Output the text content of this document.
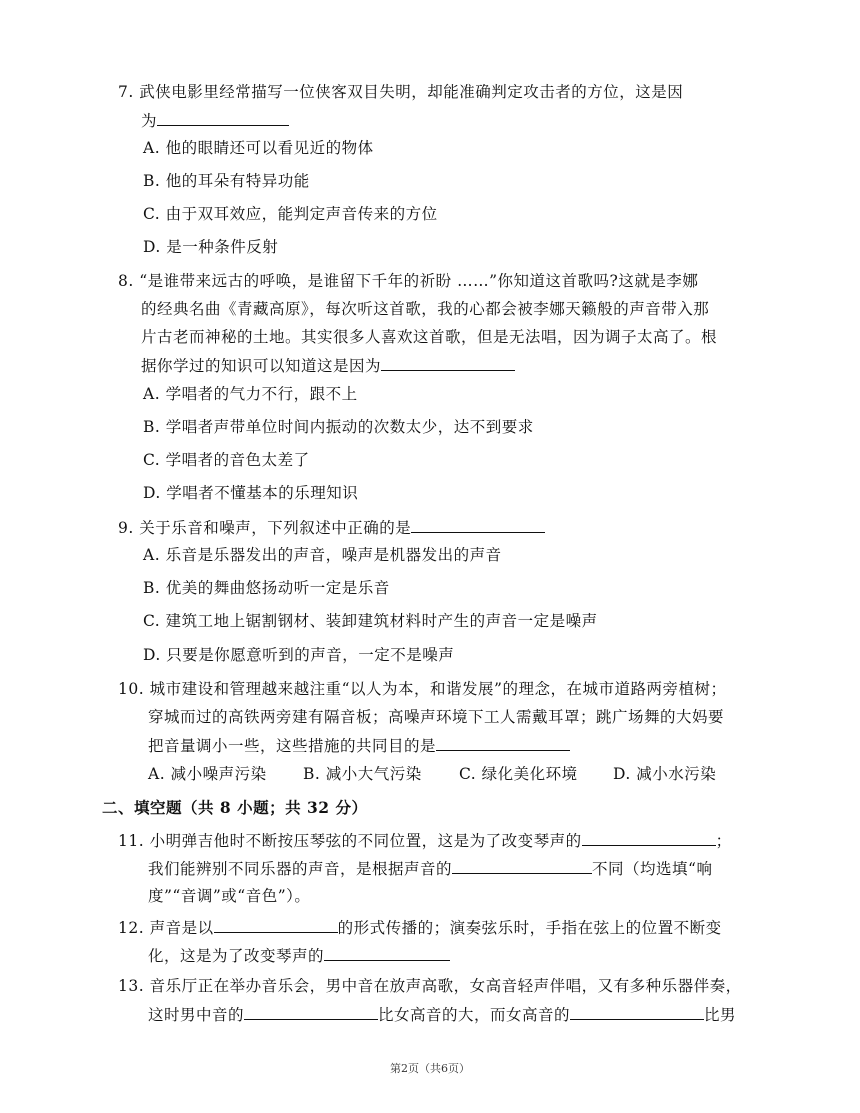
7. 武侠电影里经常描写一位侠客双目失明，却能准确判定攻击者的方位，这是因
为
A. 他的眼睛还可以看见近的物体
B. 他的耳朵有特异功能
C. 由于双耳效应，能判定声音传来的方位
D. 是一种条件反射
8. “是谁带来远古的呼唤，是谁留下千年的祈盼 ……”你知道这首歌吗?这就是李娜
的经典名曲《青藏高原》，每次听这首歌，我的心都会被李娜天籁般的声音带入那
片古老而神秘的土地。其实很多人喜欢这首歌，但是无法唱，因为调子太高了。根
据你学过的知识可以知道这是因为
A. 学唱者的气力不行，跟不上
B. 学唱者声带单位时间内振动的次数太少，达不到要求
C. 学唱者的音色太差了
D. 学唱者不懂基本的乐理知识
9. 关于乐音和噪声，下列叙述中正确的是
A. 乐音是乐器发出的声音，噪声是机器发出的声音
B. 优美的舞曲悠扬动听一定是乐音
C. 建筑工地上锯割钢材、装卸建筑材料时产生的声音一定是噪声
D. 只要是你愿意听到的声音，一定不是噪声
10. 城市建设和管理越来越注重“以人为本，和谐发展”的理念，在城市道路两旁植树；
穿城而过的高铁两旁建有隔音板；高噪声环境下工人需戴耳罩；跳广场舞的大妈要
把音量调小一些，这些措施的共同目的是
A. 减小噪声污染 B. 减小大气污染 C. 绿化美化环境 D. 减小水污染
二、填空题（共 8 小题；共 32 分）
11. 小明弹吉他时不断按压琴弦的不同位置，这是为了改变琴声的	；
我们能辨别不同乐器的声音，是根据声音的	不同（均选填“响
度”“音调”或“音色”）。
12. 声音是以	的形式传播的；演奏弦乐时，手指在弦上的位置不断变
化，这是为了改变琴声的
13. 音乐厅正在举办音乐会，男中音在放声高歌，女高音轻声伴唱，又有多种乐器伴奏，
这时男中音的	比女高音的大，而女高音的	比男
第2页（共6页）
